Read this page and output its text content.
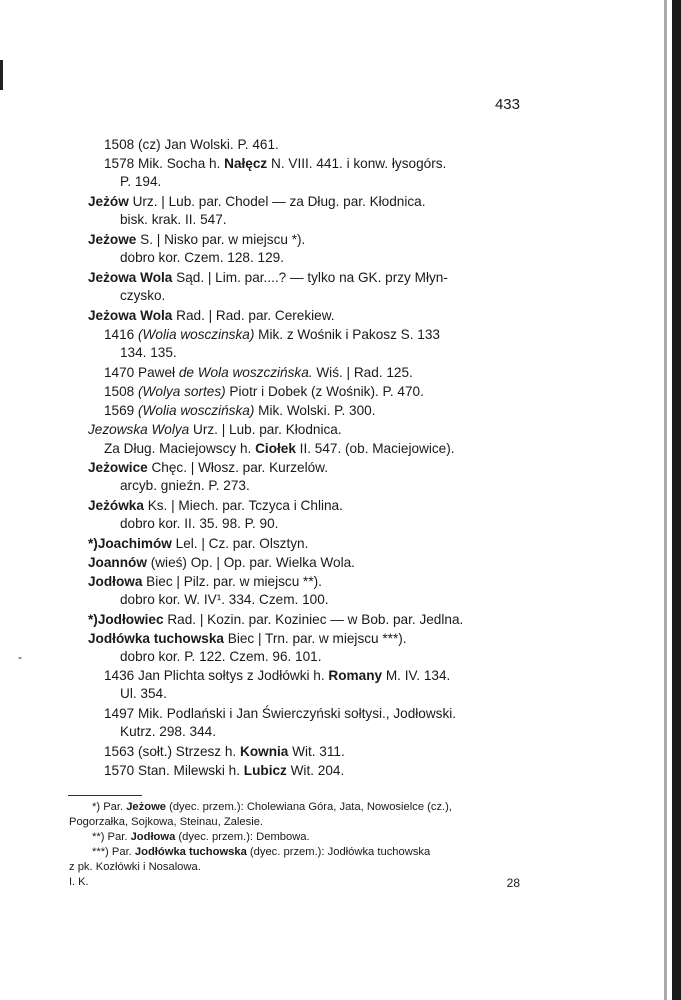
-
433
1508 (cz) Jan Wolski. P. 461.
1578 Mik. Socha h. Nałęcz N. VIII. 441. i konw. łysogórs.
P. 194.
Jeżów Urz. | Lub. par. Chodel — za Dług. par. Kłodnica.
bisk. krak. II. 547.
Jeżowe S. | Nisko par. w miejscu *).
dobro kor. Czem. 128. 129.
Jeżowa Wola Sąd. | Lim. par....? — tylko na GK. przy Młyn-
czysko.
Jeżowa Wola Rad. | Rad. par. Cerekiew.
1416 (Wolia wosczinska) Mik. z Wośnik i Pakosz S. 133
134. 135.
1470 Paweł de Wola woszczińska. Wiś. | Rad. 125.
1508 (Wolya sortes) Piotr i Dobek (z Wośnik). P. 470.
1569 (Wolia wosczińska) Mik. Wolski. P. 300.
Jezowska Wolya Urz. | Lub. par. Kłodnica.
Za Dług. Maciejowscy h. Ciołek II. 547. (ob. Maciejowice).
Jeżowice Chęc. | Włosz. par. Kurzelów.
arcyb. gnieźn. P. 273.
Jeżówka Ks. | Miech. par. Tczyca i Chlina.
dobro kor. II. 35. 98. P. 90.
*)Joachimów Lel. | Cz. par. Olsztyn.
Joannów (wieś) Op. | Op. par. Wielka Wola.
Jodłowa Biec | Pilz. par. w miejscu **).
dobro kor. W. IV¹. 334. Czem. 100.
*)Jodłowiec Rad. | Kozin. par. Koziniec — w Bob. par. Jedlna.
Jodłówka tuchowska Biec | Trn. par. w miejscu ***).
dobro kor. P. 122. Czem. 96. 101.
1436 Jan Plichta sołtys z Jodłówki h. Romany M. IV. 134.
Ul. 354.
1497 Mik. Podlański i Jan Świerczyński sołtysi., Jodłowski.
Kutrz. 298. 344.
1563 (sołt.) Strzesz h. Kownia Wit. 311.
1570 Stan. Milewski h. Lubicz Wit. 204.
*) Par. Jeżowe (dyec. przem.): Cholewiana Góra, Jata, Nowosielce (cz.),
Pogorzałka, Sojkowa, Steinau, Zalesie.
**) Par. Jodłowa (dyec. przem.): Dembowa.
***) Par. Jodłówka tuchowska (dyec. przem.): Jodłówka tuchowska
z pk. Kozłówki i Nosalowa.
I. K.	28
